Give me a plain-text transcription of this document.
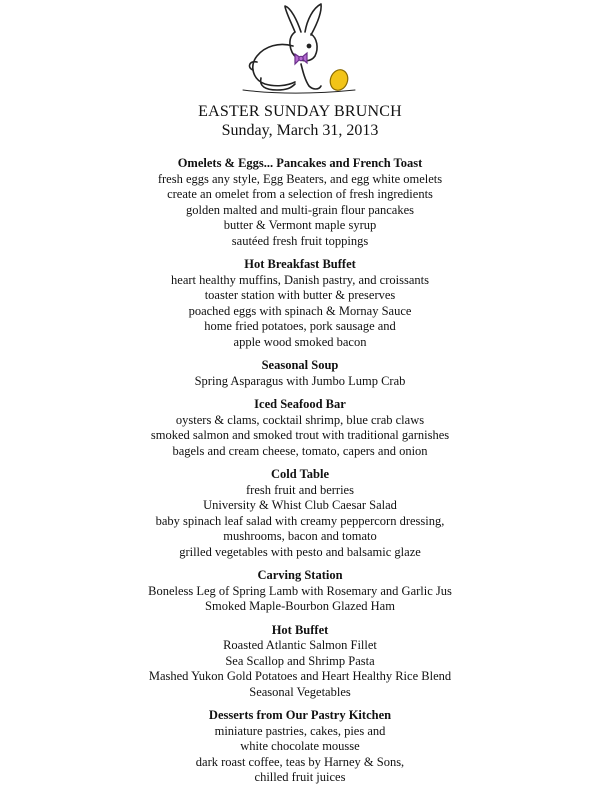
EASTER SUNDAY BRUNCH
Sunday, March 31, 2013
Omelets & Eggs... Pancakes and French Toast
fresh eggs any style, Egg Beaters, and egg white omelets
create an omelet from a selection of fresh ingredients
golden malted and multi-grain flour pancakes
butter & Vermont maple syrup
sautéed fresh fruit toppings
Hot Breakfast Buffet
heart healthy muffins, Danish pastry, and croissants
toaster station with butter & preserves
poached eggs with spinach & Mornay Sauce
home fried potatoes, pork sausage and
apple wood smoked bacon
Seasonal Soup
Spring Asparagus with Jumbo Lump Crab
Iced Seafood Bar
oysters & clams, cocktail shrimp, blue crab claws
smoked salmon and smoked trout with traditional garnishes
bagels and cream cheese, tomato, capers and onion
Cold Table
fresh fruit and berries
University & Whist Club Caesar Salad
baby spinach leaf salad with creamy peppercorn dressing,
mushrooms, bacon and tomato
grilled vegetables with pesto and balsamic glaze
Carving Station
Boneless Leg of Spring Lamb with Rosemary and Garlic Jus
Smoked Maple-Bourbon Glazed Ham
Hot Buffet
Roasted Atlantic Salmon Fillet
Sea Scallop and Shrimp Pasta
Mashed Yukon Gold Potatoes and Heart Healthy Rice Blend
Seasonal Vegetables
Desserts from Our Pastry Kitchen
miniature pastries, cakes, pies and
white chocolate mousse
dark roast coffee, teas by Harney & Sons,
chilled fruit juices
